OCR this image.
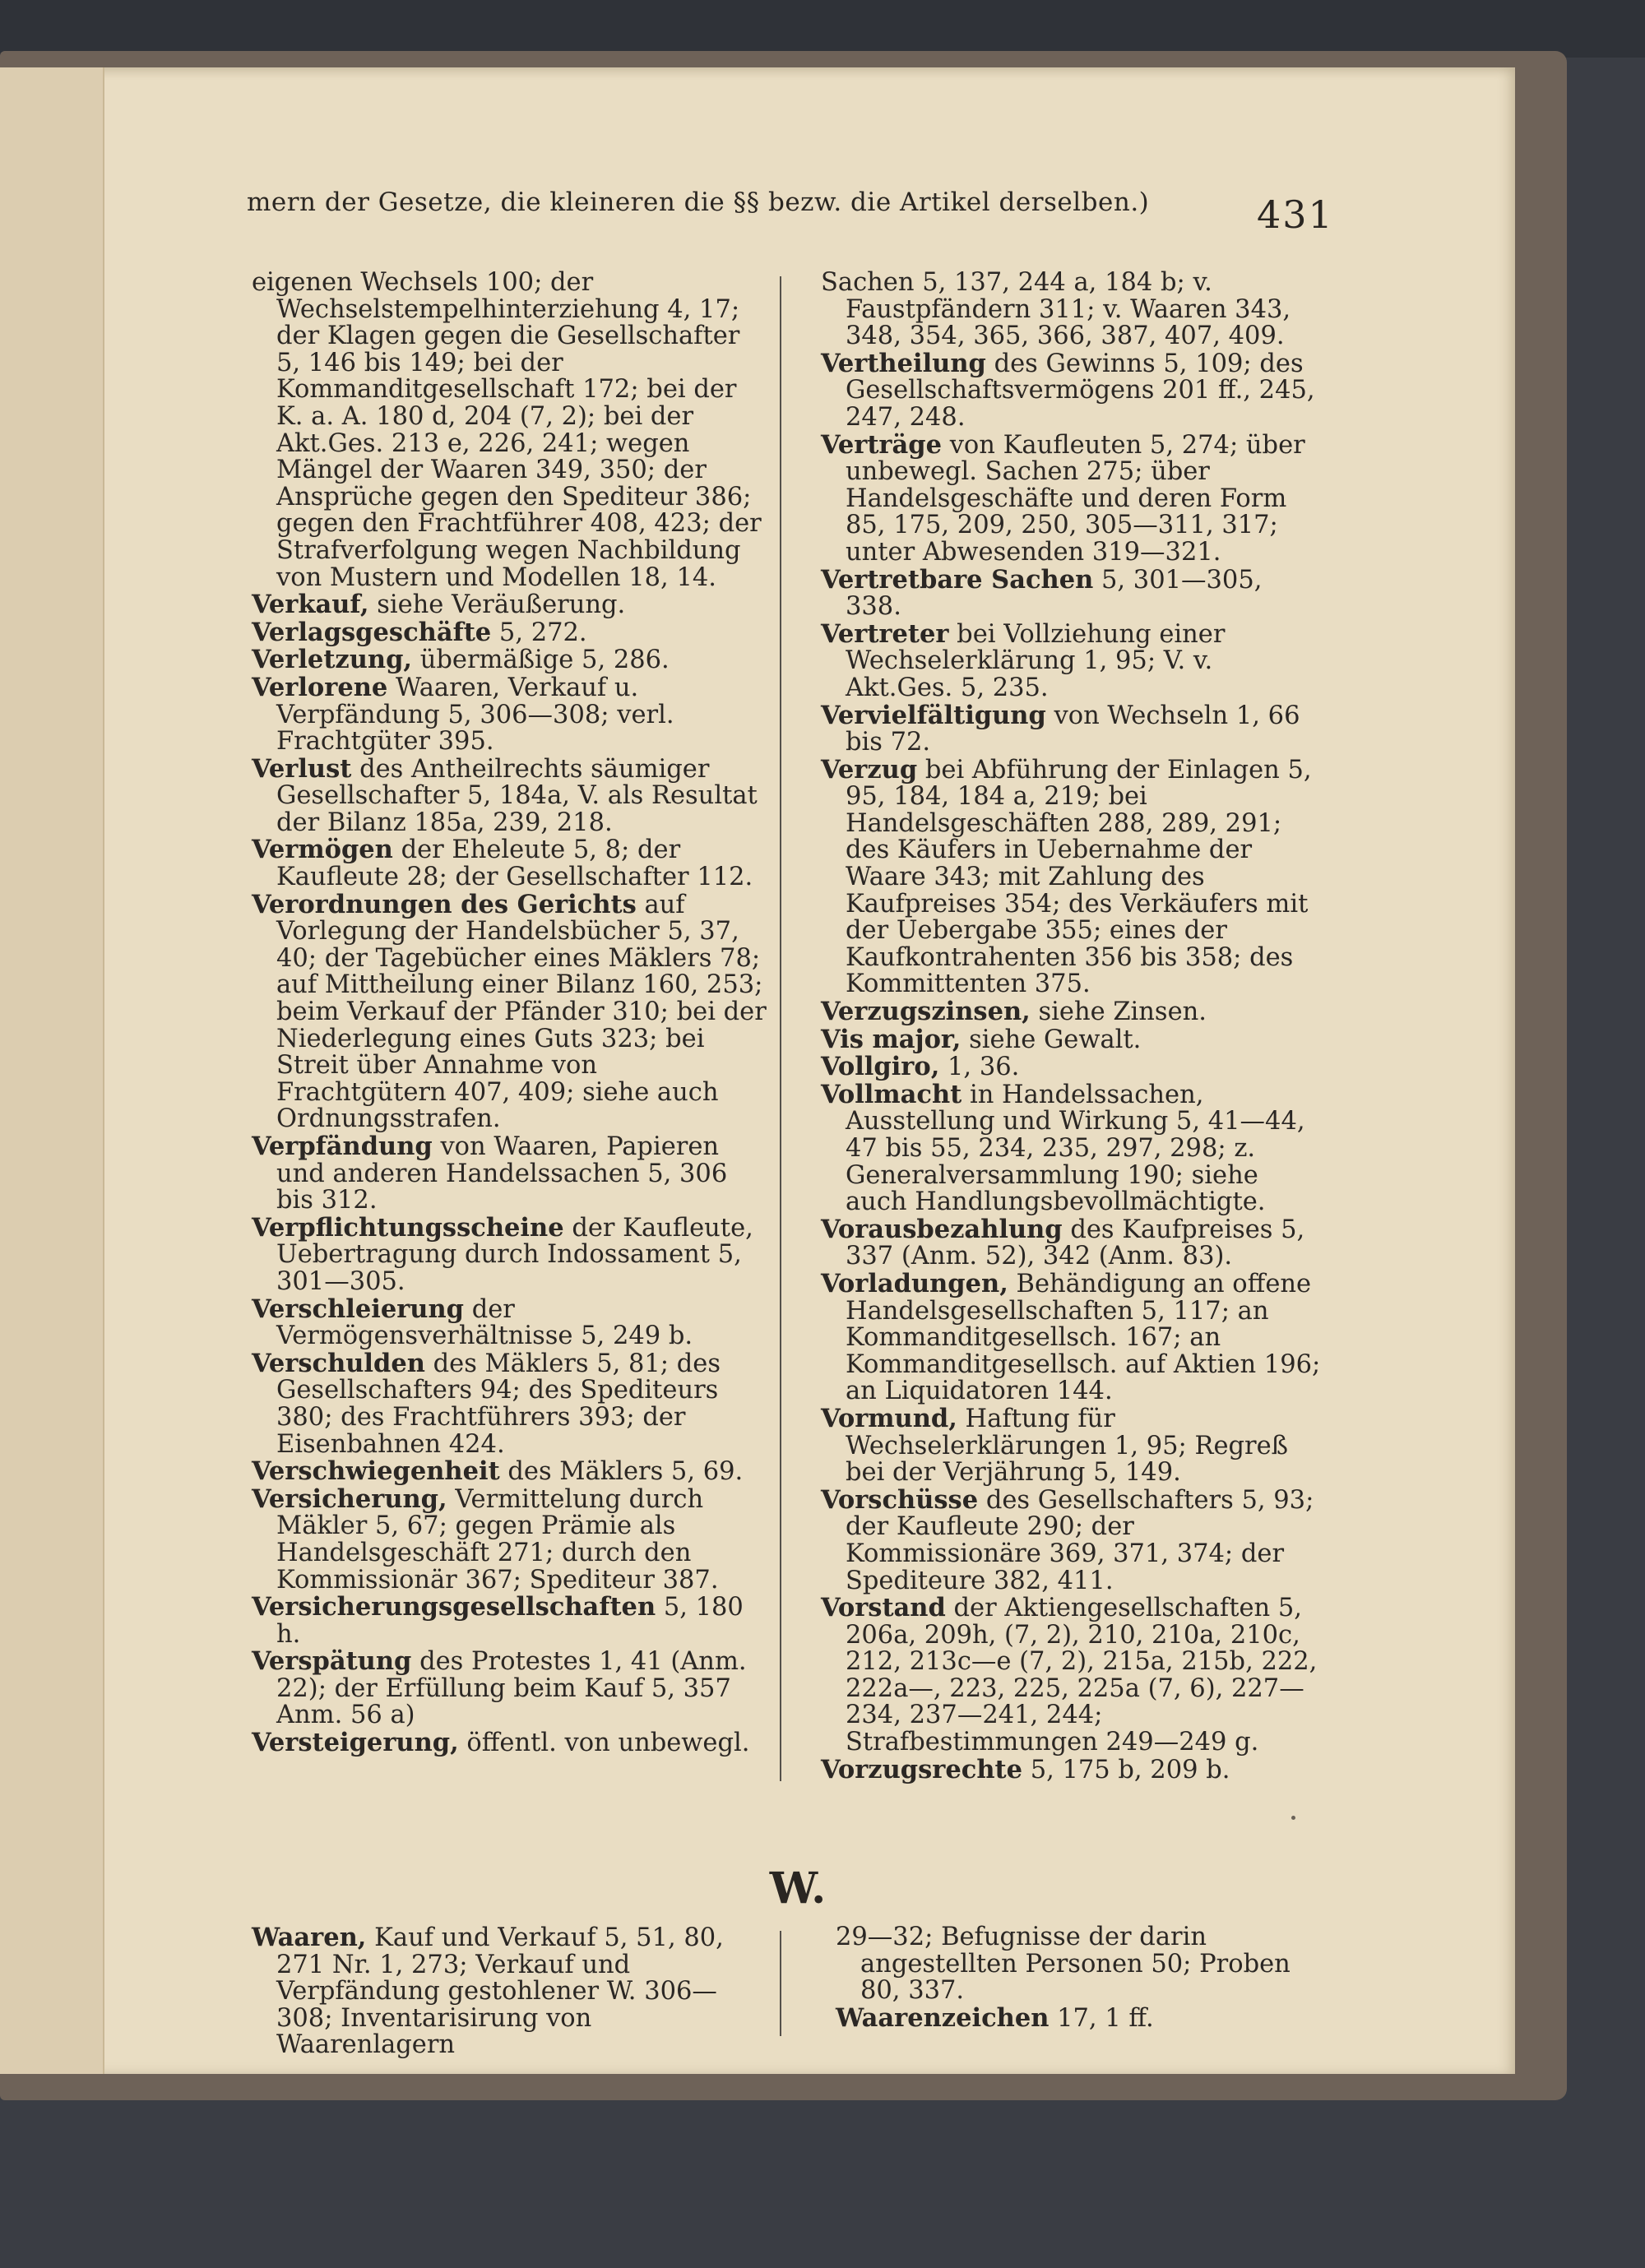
mern der Gesetze, die kleineren die §§ bezw. die Artikel derselben.)	431

eigenen Wechsels 100; der Wechselstempelhinterziehung 4, 17; der Klagen gegen die Gesellschafter 5, 146 bis 149; bei der Kommanditgesellschaft 172; bei der K. a. A. 180 d, 204 (7, 2); bei der Akt.Ges. 213 e, 226, 241; wegen Mängel der Waaren 349, 350; der Ansprüche gegen den Spediteur 386; gegen den Frachtführer 408, 423; der Strafverfolgung wegen Nachbildung von Mustern und Modellen 18, 14.

Verkauf, siehe Veräußerung.

Verlagsgeschäfte 5, 272.

Verletzung, übermäßige 5, 286.

Verlorene Waaren, Verkauf u. Verpfändung 5, 306—308; verl. Frachtgüter 395.

Verlust des Antheilrechts säumiger Gesellschafter 5, 184a, V. als Resultat der Bilanz 185a, 239, 218.

Vermögen der Eheleute 5, 8; der Kaufleute 28; der Gesellschafter 112.

Verordnungen des Gerichts auf Vorlegung der Handelsbücher 5, 37, 40; der Tagebücher eines Mäklers 78; auf Mittheilung einer Bilanz 160, 253; beim Verkauf der Pfänder 310; bei der Niederlegung eines Guts 323; bei Streit über Annahme von Frachtgütern 407, 409; siehe auch Ordnungsstrafen.

Verpfändung von Waaren, Papieren und anderen Handelssachen 5, 306 bis 312.

Verpflichtungsscheine der Kaufleute, Uebertragung durch Indossament 5, 301—305.

Verschleierung der Vermögensverhältnisse 5, 249 b.

Verschulden des Mäklers 5, 81; des Gesellschafters 94; des Spediteurs 380; des Frachtführers 393; der Eisenbahnen 424.

Verschwiegenheit des Mäklers 5, 69.

Versicherung, Vermittelung durch Mäkler 5, 67; gegen Prämie als Handelsgeschäft 271; durch den Kommissionär 367; Spediteur 387.

Versicherungsgesellschaften 5, 180 h.

Verspätung des Protestes 1, 41 (Anm. 22); der Erfüllung beim Kauf 5, 357 Anm. 56 a)

Versteigerung, öffentl. von unbewegl.

Sachen 5, 137, 244 a, 184 b; v. Faustpfändern 311; v. Waaren 343, 348, 354, 365, 366, 387, 407, 409.

Vertheilung des Gewinns 5, 109; des Gesellschaftsvermögens 201 ff., 245, 247, 248.

Verträge von Kaufleuten 5, 274; über unbewegl. Sachen 275; über Handelsgeschäfte und deren Form 85, 175, 209, 250, 305—311, 317; unter Abwesenden 319—321.

Vertretbare Sachen 5, 301—305, 338.

Vertreter bei Vollziehung einer Wechselerklärung 1, 95; V. v. Akt.Ges. 5, 235.

Vervielfältigung von Wechseln 1, 66 bis 72.

Verzug bei Abführung der Einlagen 5, 95, 184, 184 a, 219; bei Handelsgeschäften 288, 289, 291; des Käufers in Uebernahme der Waare 343; mit Zahlung des Kaufpreises 354; des Verkäufers mit der Uebergabe 355; eines der Kaufkontrahenten 356 bis 358; des Kommittenten 375.

Verzugszinsen, siehe Zinsen.

Vis major, siehe Gewalt.

Vollgiro, 1, 36.

Vollmacht in Handelssachen, Ausstellung und Wirkung 5, 41—44, 47 bis 55, 234, 235, 297, 298; z. Generalversammlung 190; siehe auch Handlungsbevollmächtigte.

Vorausbezahlung des Kaufpreises 5, 337 (Anm. 52), 342 (Anm. 83).

Vorladungen, Behändigung an offene Handelsgesellschaften 5, 117; an Kommanditgesellsch. 167; an Kommanditgesellsch. auf Aktien 196; an Liquidatoren 144.

Vormund, Haftung für Wechselerklärungen 1, 95; Regreß bei der Verjährung 5, 149.

Vorschüsse des Gesellschafters 5, 93; der Kaufleute 290; der Kommissionäre 369, 371, 374; der Spediteure 382, 411.

Vorstand der Aktiengesellschaften 5, 206a, 209h, (7, 2), 210, 210a, 210c, 212, 213c—e (7, 2), 215a, 215b, 222, 222a—, 223, 225, 225a (7, 6), 227—234, 237—241, 244; Strafbestimmungen 249—249 g.

Vorzugsrechte 5, 175 b, 209 b.

W.

Waaren, Kauf und Verkauf 5, 51, 80, 271 Nr. 1, 273; Verkauf und Verpfändung gestohlener W. 306—308; Inventarisirung von Waarenlagern

29—32; Befugnisse der darin angestellten Personen 50; Proben 80, 337.

Waarenzeichen 17, 1 ff.
